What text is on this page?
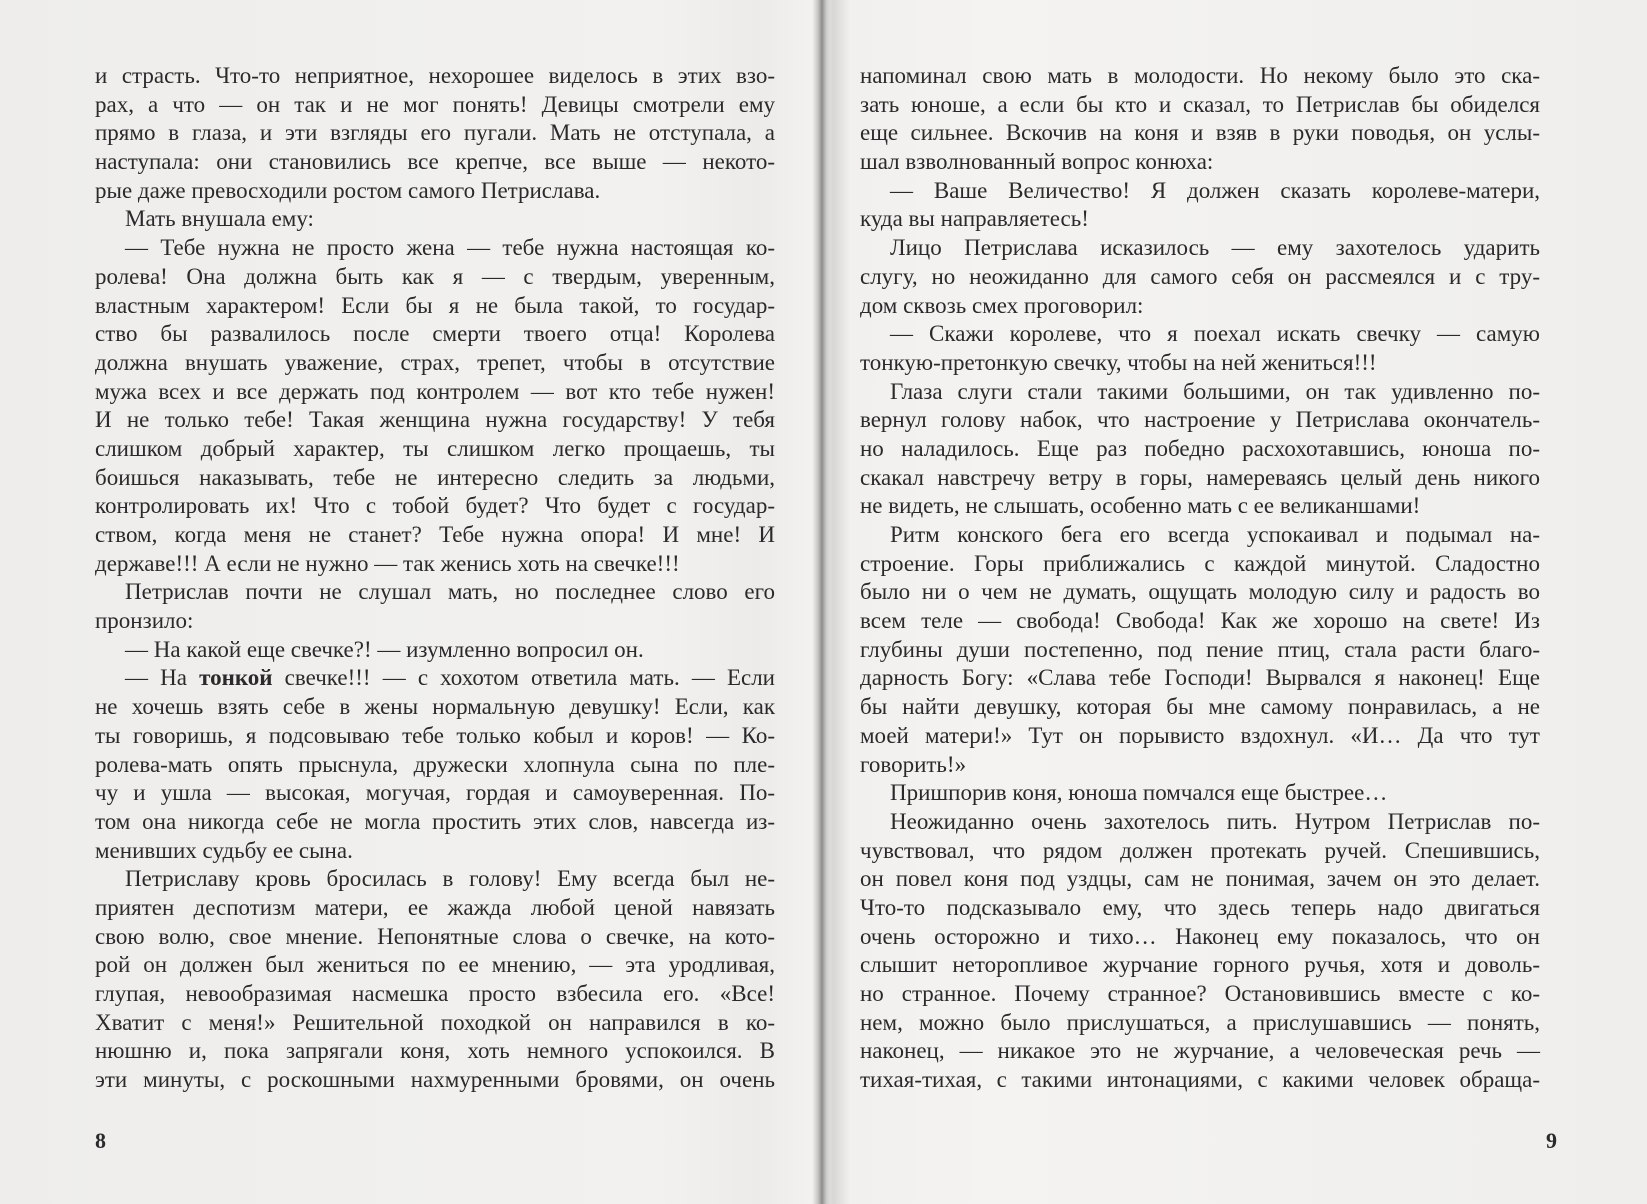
и страсть. Что-то неприятное, нехорошее виделось в этих взо-
рах, а что — он так и не мог понять! Девицы смотрели ему
прямо в глаза, и эти взгляды его пугали. Мать не отступала, а
наступала: они становились все крепче, все выше — некото-
рые даже превосходили ростом самого Петрислава.
Мать внушала ему:
— Тебе нужна не просто жена — тебе нужна настоящая ко-
ролева! Она должна быть как я — с твердым, уверенным,
властным характером! Если бы я не была такой, то государ-
ство бы развалилось после смерти твоего отца! Королева
должна внушать уважение, страх, трепет, чтобы в отсутствие
мужа всех и все держать под контролем — вот кто тебе нужен!
И не только тебе! Такая женщина нужна государству! У тебя
слишком добрый характер, ты слишком легко прощаешь, ты
боишься наказывать, тебе не интересно следить за людьми,
контролировать их! Что с тобой будет? Что будет с государ-
ством, когда меня не станет? Тебе нужна опора! И мне! И
державе!!! А если не нужно — так женись хоть на свечке!!!
Петрислав почти не слушал мать, но последнее слово его
пронзило:
— На какой еще свечке?! — изумленно вопросил он.
— На тонкой свечке!!! — с хохотом ответила мать. — Если
не хочешь взять себе в жены нормальную девушку! Если, как
ты говоришь, я подсовываю тебе только кобыл и коров! — Ко-
ролева-мать опять прыснула, дружески хлопнула сына по пле-
чу и ушла — высокая, могучая, гордая и самоуверенная. По-
том она никогда себе не могла простить этих слов, навсегда из-
менивших судьбу ее сына.
Петриславу кровь бросилась в голову! Ему всегда был не-
приятен деспотизм матери, ее жажда любой ценой навязать
свою волю, свое мнение. Непонятные слова о свечке, на кото-
рой он должен был жениться по ее мнению, — эта уродливая,
глупая, невообразимая насмешка просто взбесила его. «Все!
Хватит с меня!» Решительной походкой он направился в ко-
нюшню и, пока запрягали коня, хоть немного успокоился. В
эти минуты, с роскошными нахмуренными бровями, он очень
8
напоминал свою мать в молодости. Но некому было это ска-
зать юноше, а если бы кто и сказал, то Петрислав бы обиделся
еще сильнее. Вскочив на коня и взяв в руки поводья, он услы-
шал взволнованный вопрос конюха:
— Ваше Величество! Я должен сказать королеве-матери,
куда вы направляетесь!
Лицо Петрислава исказилось — ему захотелось ударить
слугу, но неожиданно для самого себя он рассмеялся и с тру-
дом сквозь смех проговорил:
— Скажи королеве, что я поехал искать свечку — самую
тонкую-претонкую свечку, чтобы на ней жениться!!!
Глаза слуги стали такими большими, он так удивленно по-
вернул голову набок, что настроение у Петрислава окончатель-
но наладилось. Еще раз победно расхохотавшись, юноша по-
скакал навстречу ветру в горы, намереваясь целый день никого
не видеть, не слышать, особенно мать с ее великаншами!
Ритм конского бега его всегда успокаивал и подымал на-
строение. Горы приближались с каждой минутой. Сладостно
было ни о чем не думать, ощущать молодую силу и радость во
всем теле — свобода! Свобода! Как же хорошо на свете! Из
глубины души постепенно, под пение птиц, стала расти благо-
дарность Богу: «Слава тебе Господи! Вырвался я наконец! Еще
бы найти девушку, которая бы мне самому понравилась, а не
моей матери!» Тут он порывисто вздохнул. «И… Да что тут
говорить!»
Пришпорив коня, юноша помчался еще быстрее…
Неожиданно очень захотелось пить. Нутром Петрислав по-
чувствовал, что рядом должен протекать ручей. Спешившись,
он повел коня под уздцы, сам не понимая, зачем он это делает.
Что-то подсказывало ему, что здесь теперь надо двигаться
очень осторожно и тихо… Наконец ему показалось, что он
слышит неторопливое журчание горного ручья, хотя и доволь-
но странное. Почему странное? Остановившись вместе с ко-
нем, можно было прислушаться, а прислушавшись — понять,
наконец, — никакое это не журчание, а человеческая речь —
тихая-тихая, с такими интонациями, с какими человек обраща-
9
